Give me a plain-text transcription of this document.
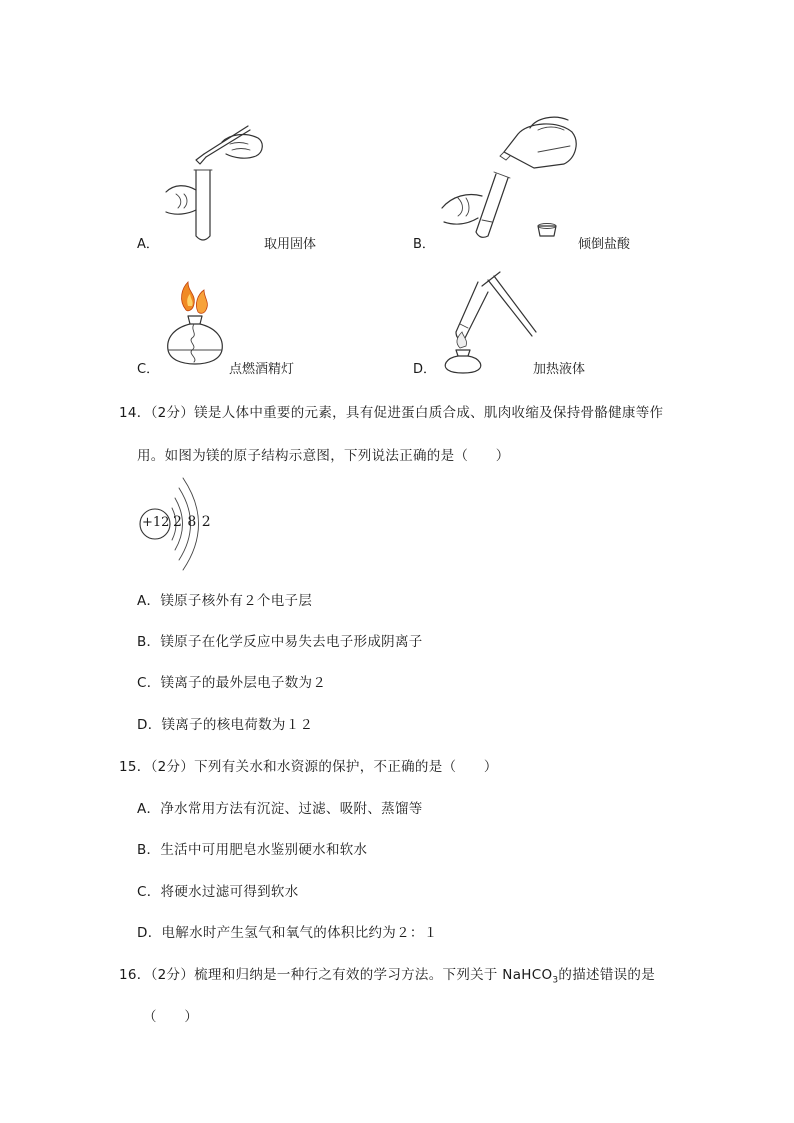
A．	取用固体	B．	倾倒盐酸
C．	点燃酒精灯	D．	加热液体
14．（2分）镁是人体中重要的元素，具有促进蛋白质合成、肌肉收缩及保持骨骼健康等作
用。如图为镁的原子结构示意图，下列说法正确的是（　　）
+12 2 8 2
A．镁原子核外有２个电子层
B．镁原子在化学反应中易失去电子形成阴离子
C．镁离子的最外层电子数为２
D．镁离子的核电荷数为１２
15．（2分）下列有关水和水资源的保护，不正确的是（　　）
A．净水常用方法有沉淀、过滤、吸附、蒸馏等
B．生活中可用肥皂水鉴别硬水和软水
C．将硬水过滤可得到软水
D．电解水时产生氢气和氧气的体积比约为２：１
16．（2分）梳理和归纳是一种行之有效的学习方法。下列关于 NaHCO$_3$的描述错误的是
（　　）
